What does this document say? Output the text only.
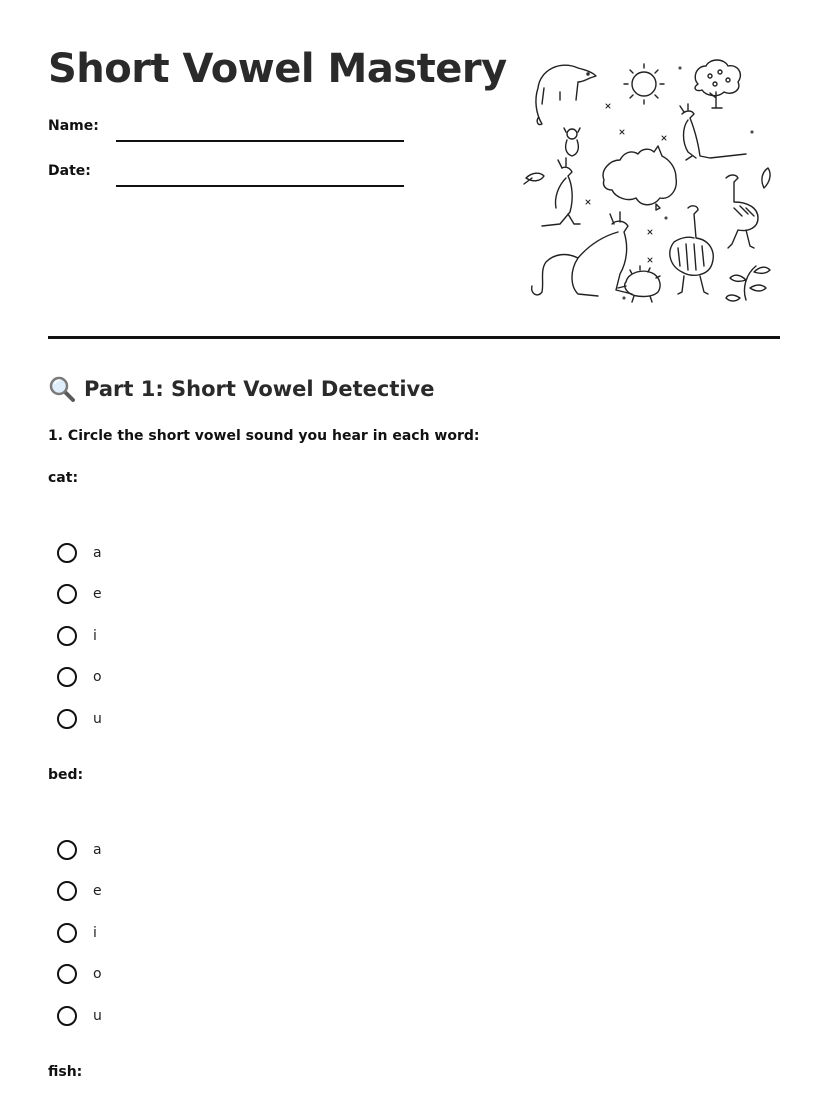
Short Vowel Mastery
Name:
Date:
Part 1: Short Vowel Detective
1. Circle the short vowel sound you hear in each word:
cat:
a
e
i
o
u
bed:
a
e
i
o
u
fish:
